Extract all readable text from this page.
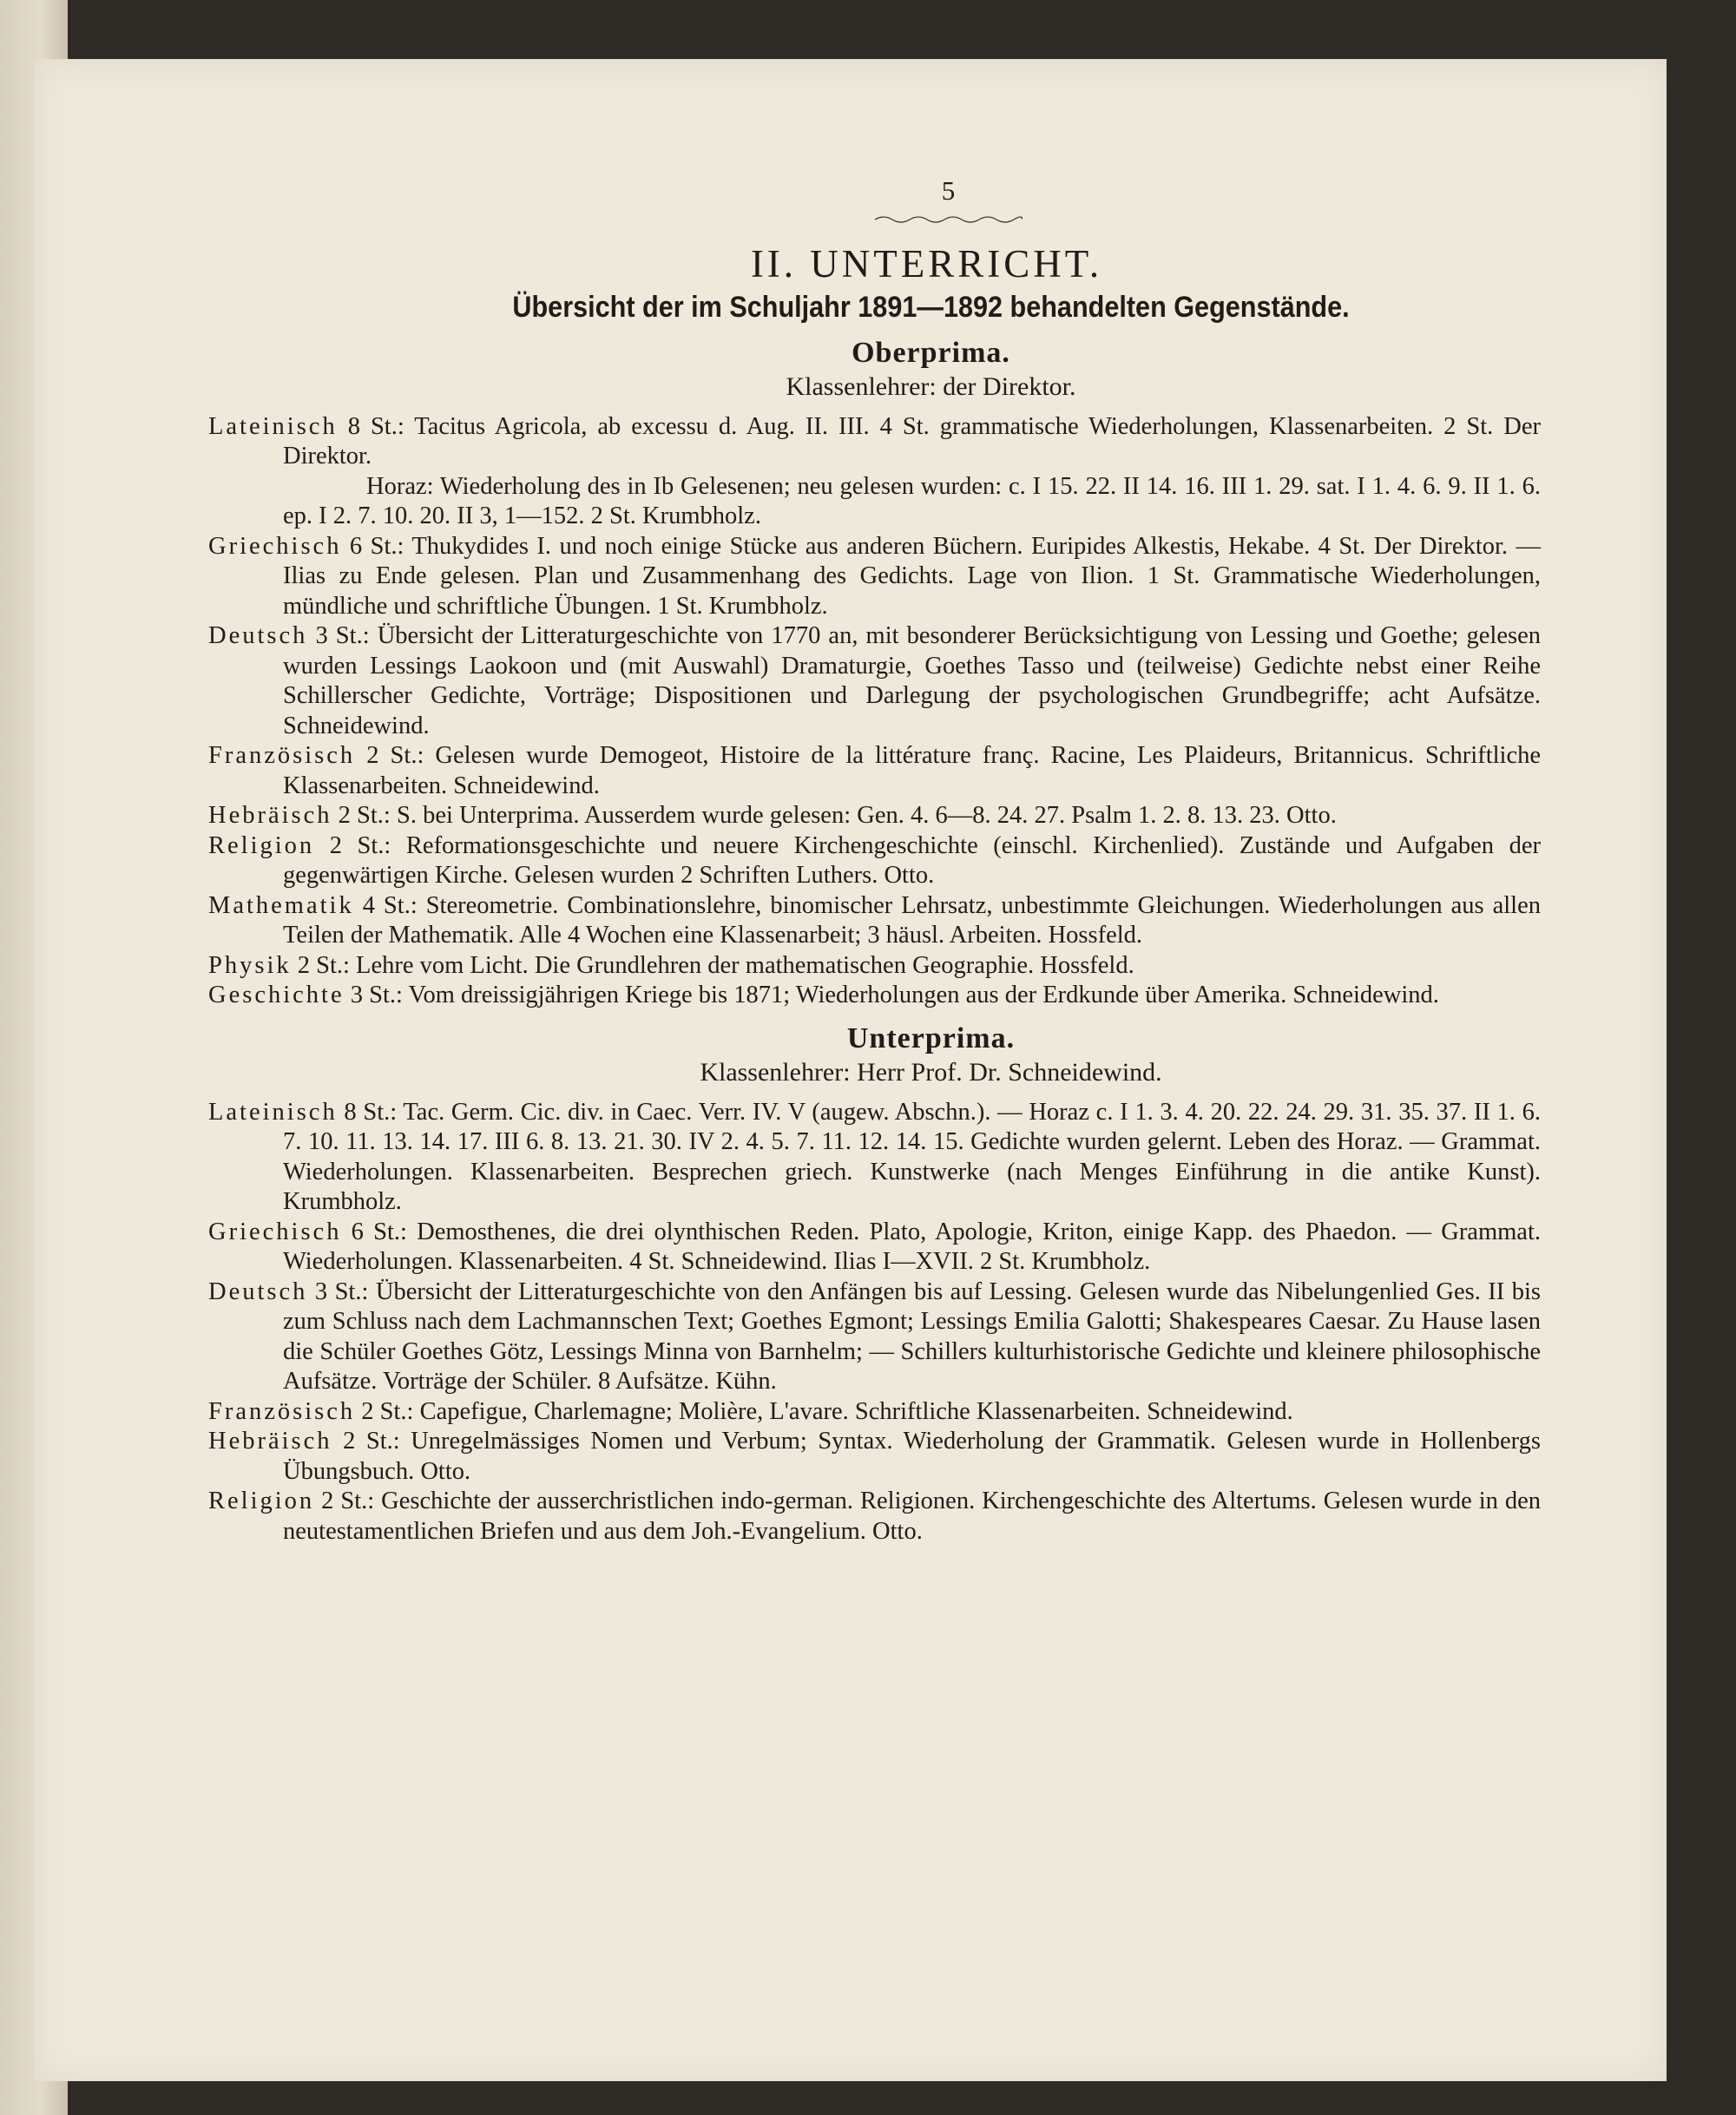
5
II. UNTERRICHT.
Übersicht der im Schuljahr 1891—1892 behandelten Gegenstände.
Oberprima.
Klassenlehrer: der Direktor.

Lateinisch 8 St.: Tacitus Agricola, ab excessu d. Aug. II. III. 4 St. grammatische Wiederholungen, Klassenarbeiten. 2 St. Der Direktor.

Horaz: Wiederholung des in Ib Gelesenen; neu gelesen wurden: c. I 15. 22. II 14. 16. III 1. 29. sat. I 1. 4. 6. 9. II 1. 6. ep. I 2. 7. 10. 20. II 3, 1—152. 2 St. Krumbholz.

Griechisch 6 St.: Thukydides I. und noch einige Stücke aus anderen Büchern. Euripides Alkestis, Hekabe. 4 St. Der Direktor. — Ilias zu Ende gelesen. Plan und Zusammenhang des Gedichts. Lage von Ilion. 1 St. Grammatische Wiederholungen, mündliche und schriftliche Übungen. 1 St. Krumbholz.

Deutsch 3 St.: Übersicht der Litteraturgeschichte von 1770 an, mit besonderer Berücksichtigung von Lessing und Goethe; gelesen wurden Lessings Laokoon und (mit Auswahl) Dramaturgie, Goethes Tasso und (teilweise) Gedichte nebst einer Reihe Schillerscher Gedichte, Vorträge; Dispositionen und Darlegung der psychologischen Grundbegriffe; acht Aufsätze. Schneidewind.

Französisch 2 St.: Gelesen wurde Demogeot, Histoire de la littérature franç. Racine, Les Plaideurs, Britannicus. Schriftliche Klassenarbeiten. Schneidewind.

Hebräisch 2 St.: S. bei Unterprima. Ausserdem wurde gelesen: Gen. 4. 6—8. 24. 27. Psalm 1. 2. 8. 13. 23. Otto.

Religion 2 St.: Reformationsgeschichte und neuere Kirchengeschichte (einschl. Kirchenlied). Zustände und Aufgaben der gegenwärtigen Kirche. Gelesen wurden 2 Schriften Luthers. Otto.

Mathematik 4 St.: Stereometrie. Combinationslehre, binomischer Lehrsatz, unbestimmte Gleichungen. Wiederholungen aus allen Teilen der Mathematik. Alle 4 Wochen eine Klassenarbeit; 3 häusl. Arbeiten. Hossfeld.

Physik 2 St.: Lehre vom Licht. Die Grundlehren der mathematischen Geographie. Hossfeld.

Geschichte 3 St.: Vom dreissigjährigen Kriege bis 1871; Wiederholungen aus der Erdkunde über Amerika. Schneidewind.

Unterprima.
Klassenlehrer: Herr Prof. Dr. Schneidewind.

Lateinisch 8 St.: Tac. Germ. Cic. div. in Caec. Verr. IV. V (augew. Abschn.). — Horaz c. I 1. 3. 4. 20. 22. 24. 29. 31. 35. 37. II 1. 6. 7. 10. 11. 13. 14. 17. III 6. 8. 13. 21. 30. IV 2. 4. 5. 7. 11. 12. 14. 15. Gedichte wurden gelernt. Leben des Horaz. — Grammat. Wiederholungen. Klassenarbeiten. Besprechen griech. Kunstwerke (nach Menges Einführung in die antike Kunst). Krumbholz.

Griechisch 6 St.: Demosthenes, die drei olynthischen Reden. Plato, Apologie, Kriton, einige Kapp. des Phaedon. — Grammat. Wiederholungen. Klassenarbeiten. 4 St. Schneidewind. Ilias I—XVII. 2 St. Krumbholz.

Deutsch 3 St.: Übersicht der Litteraturgeschichte von den Anfängen bis auf Lessing. Gelesen wurde das Nibelungenlied Ges. II bis zum Schluss nach dem Lachmannschen Text; Goethes Egmont; Lessings Emilia Galotti; Shakespeares Caesar. Zu Hause lasen die Schüler Goethes Götz, Lessings Minna von Barnhelm; — Schillers kulturhistorische Gedichte und kleinere philosophische Aufsätze. Vorträge der Schüler. 8 Aufsätze. Kühn.

Französisch 2 St.: Capefigue, Charlemagne; Molière, L'avare. Schriftliche Klassenarbeiten. Schneidewind.

Hebräisch 2 St.: Unregelmässiges Nomen und Verbum; Syntax. Wiederholung der Grammatik. Gelesen wurde in Hollenbergs Übungsbuch. Otto.

Religion 2 St.: Geschichte der ausserchristlichen indo-german. Religionen. Kirchengeschichte des Altertums. Gelesen wurde in den neutestamentlichen Briefen und aus dem Joh.-Evangelium. Otto.
